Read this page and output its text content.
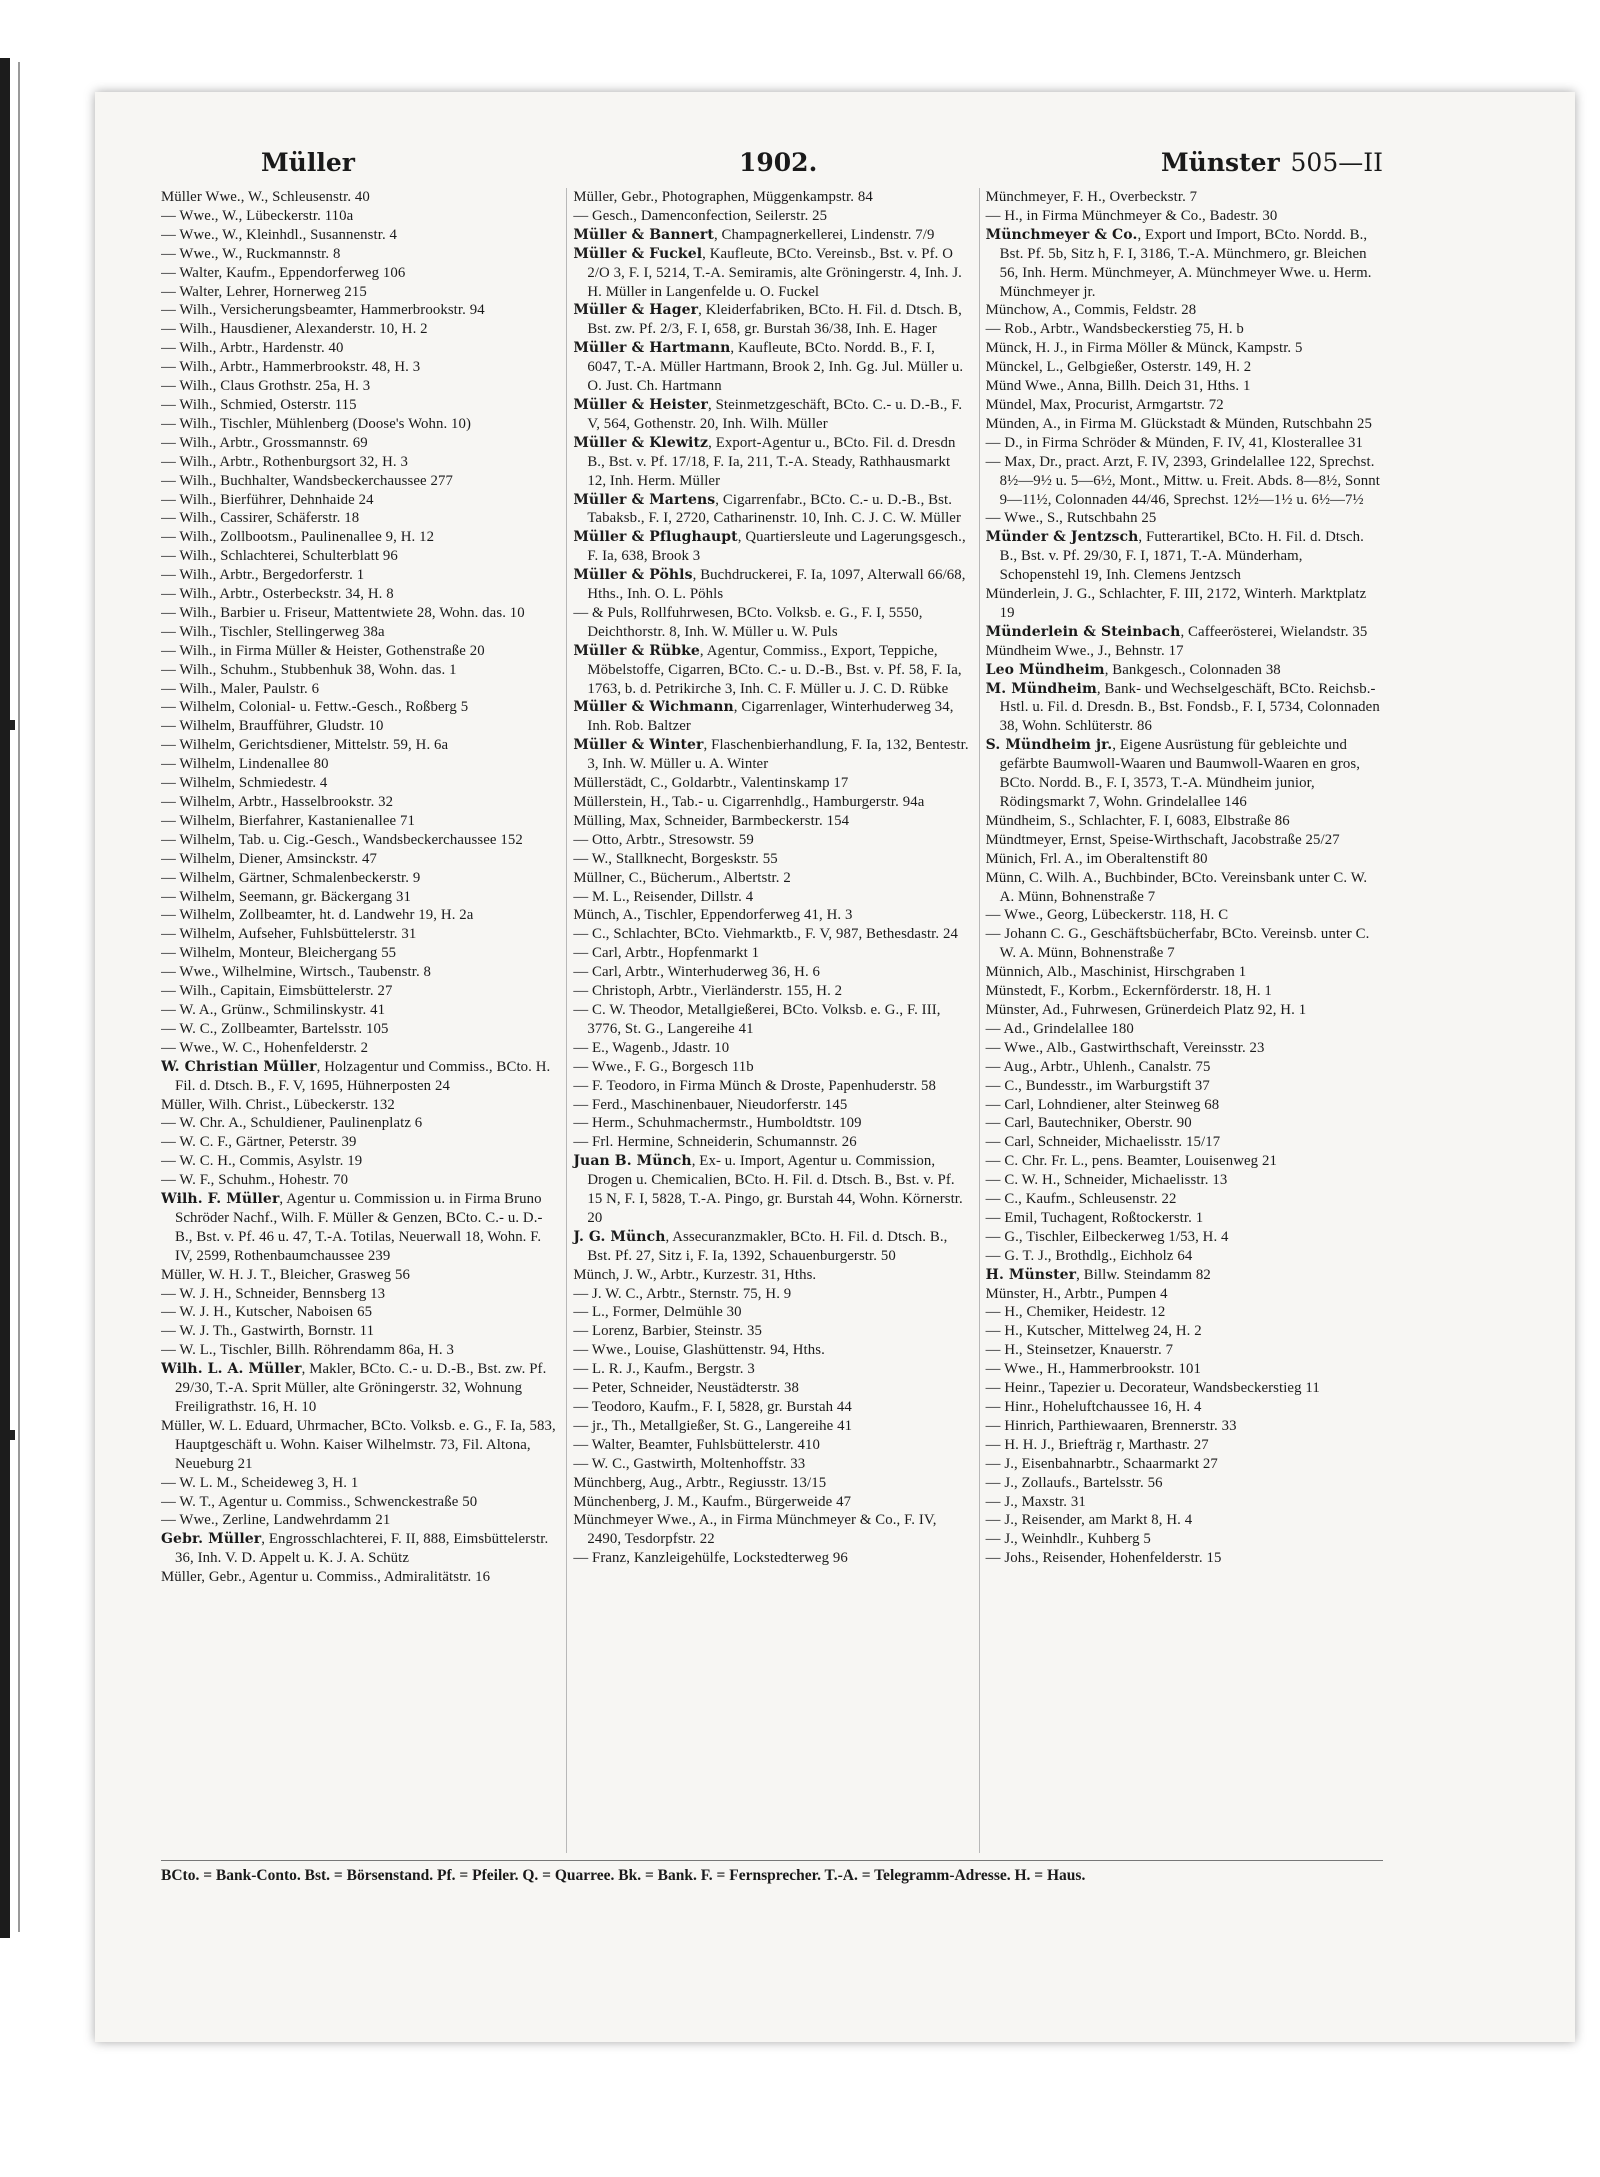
Müller	1902.	Münster 505—II

Müller Wwe., W., Schleusenstr. 40

— Wwe., W., Lübeckerstr. 110a

— Wwe., W., Kleinhdl., Susannenstr. 4

— Wwe., W., Ruckmannstr. 8

— Walter, Kaufm., Eppendorferweg 106

— Walter, Lehrer, Hornerweg 215

— Wilh., Versicherungsbeamter, Hammerbrookstr. 94

— Wilh., Hausdiener, Alexanderstr. 10, H. 2

— Wilh., Arbtr., Hardenstr. 40

— Wilh., Arbtr., Hammerbrookstr. 48, H. 3

— Wilh., Claus Grothstr. 25a, H. 3

— Wilh., Schmied, Osterstr. 115

— Wilh., Tischler, Mühlenberg (Doose's Wohn. 10)

— Wilh., Arbtr., Grossmannstr. 69

— Wilh., Arbtr., Rothenburgsort 32, H. 3

— Wilh., Buchhalter, Wandsbeckerchaussee 277

— Wilh., Bierführer, Dehnhaide 24

— Wilh., Cassirer, Schäferstr. 18

— Wilh., Zollbootsm., Paulinenallee 9, H. 12

— Wilh., Schlachterei, Schulterblatt 96

— Wilh., Arbtr., Bergedorferstr. 1

— Wilh., Arbtr., Osterbeckstr. 34, H. 8

— Wilh., Barbier u. Friseur, Mattentwiete 28, Wohn. das. 10

— Wilh., Tischler, Stellingerweg 38a

— Wilh., in Firma Müller & Heister, Gothenstraße 20

— Wilh., Schuhm., Stubbenhuk 38, Wohn. das. 1

— Wilh., Maler, Paulstr. 6

— Wilhelm, Colonial- u. Fettw.-Gesch., Roßberg 5

— Wilhelm, Braufführer, Gludstr. 10

— Wilhelm, Gerichtsdiener, Mittelstr. 59, H. 6a

— Wilhelm, Lindenallee 80

— Wilhelm, Schmiedestr. 4

— Wilhelm, Arbtr., Hasselbrookstr. 32

— Wilhelm, Bierfahrer, Kastanienallee 71

— Wilhelm, Tab. u. Cig.-Gesch., Wandsbeckerchaussee 152

— Wilhelm, Diener, Amsinckstr. 47

— Wilhelm, Gärtner, Schmalenbeckerstr. 9

— Wilhelm, Seemann, gr. Bäckergang 31

— Wilhelm, Zollbeamter, ht. d. Landwehr 19, H. 2a

— Wilhelm, Aufseher, Fuhlsbüttelerstr. 31

— Wilhelm, Monteur, Bleichergang 55

— Wwe., Wilhelmine, Wirtsch., Taubenstr. 8

— Wilh., Capitain, Eimsbüttelerstr. 27

— W. A., Grünw., Schmilinskystr. 41

— W. C., Zollbeamter, Bartelsstr. 105

— Wwe., W. C., Hohenfelderstr. 2

W. Christian Müller, Holzagentur und Commiss., BCto. H. Fil. d. Dtsch. B., F. V, 1695, Hühnerposten 24

Müller, Wilh. Christ., Lübeckerstr. 132

— W. Chr. A., Schuldiener, Paulinenplatz 6

— W. C. F., Gärtner, Peterstr. 39

— W. C. H., Commis, Asylstr. 19

— W. F., Schuhm., Hohestr. 70

Wilh. F. Müller, Agentur u. Commission u. in Firma Bruno Schröder Nachf., Wilh. F. Müller & Genzen, BCto. C.- u. D.-B., Bst. v. Pf. 46 u. 47, T.-A. Totilas, Neuerwall 18, Wohn. F. IV, 2599, Rothenbaumchaussee 239

Müller, W. H. J. T., Bleicher, Grasweg 56

— W. J. H., Schneider, Bennsberg 13

— W. J. H., Kutscher, Naboisen 65

— W. J. Th., Gastwirth, Bornstr. 11

— W. L., Tischler, Billh. Röhrendamm 86a, H. 3

Wilh. L. A. Müller, Makler, BCto. C.- u. D.-B., Bst. zw. Pf. 29/30, T.-A. Sprit Müller, alte Gröningerstr. 32, Wohnung Freiligrathstr. 16, H. 10

Müller, W. L. Eduard, Uhrmacher, BCto. Volksb. e. G., F. Ia, 583, Hauptgeschäft u. Wohn. Kaiser Wilhelmstr. 73, Fil. Altona, Neueburg 21

— W. L. M., Scheideweg 3, H. 1

— W. T., Agentur u. Commiss., Schwenckestraße 50

— Wwe., Zerline, Landwehrdamm 21

Gebr. Müller, Engrosschlachterei, F. II, 888, Eimsbüttelerstr. 36, Inh. V. D. Appelt u. K. J. A. Schütz

Müller, Gebr., Agentur u. Commiss., Admiralitätstr. 16

Müller, Gebr., Photographen, Müggenkampstr. 84

— Gesch., Damenconfection, Seilerstr. 25

Müller & Bannert, Champagnerkellerei, Lindenstr. 7/9

Müller & Fuckel, Kaufleute, BCto. Vereinsb., Bst. v. Pf. O 2/O 3, F. I, 5214, T.-A. Semiramis, alte Gröningerstr. 4, Inh. J. H. Müller in Langenfelde u. O. Fuckel

Müller & Hager, Kleiderfabriken, BCto. H. Fil. d. Dtsch. B, Bst. zw. Pf. 2/3, F. I, 658, gr. Burstah 36/38, Inh. E. Hager

Müller & Hartmann, Kaufleute, BCto. Nordd. B., F. I, 6047, T.-A. Müller Hartmann, Brook 2, Inh. Gg. Jul. Müller u. O. Just. Ch. Hartmann

Müller & Heister, Steinmetzgeschäft, BCto. C.- u. D.-B., F. V, 564, Gothenstr. 20, Inh. Wilh. Müller

Müller & Klewitz, Export-Agentur u., BCto. Fil. d. Dresdn B., Bst. v. Pf. 17/18, F. Ia, 211, T.-A. Steady, Rathhausmarkt 12, Inh. Herm. Müller

Müller & Martens, Cigarrenfabr., BCto. C.- u. D.-B., Bst. Tabaksb., F. I, 2720, Catharinenstr. 10, Inh. C. J. C. W. Müller

Müller & Pflughaupt, Quartiersleute und Lagerungsgesch., F. Ia, 638, Brook 3

Müller & Pöhls, Buchdruckerei, F. Ia, 1097, Alterwall 66/68, Hths., Inh. O. L. Pöhls

— & Puls, Rollfuhrwesen, BCto. Volksb. e. G., F. I, 5550, Deichthorstr. 8, Inh. W. Müller u. W. Puls

Müller & Rübke, Agentur, Commiss., Export, Teppiche, Möbelstoffe, Cigarren, BCto. C.- u. D.-B., Bst. v. Pf. 58, F. Ia, 1763, b. d. Petrikirche 3, Inh. C. F. Müller u. J. C. D. Rübke

Müller & Wichmann, Cigarrenlager, Winterhuderweg 34, Inh. Rob. Baltzer

Müller & Winter, Flaschenbierhandlung, F. Ia, 132, Bentestr. 3, Inh. W. Müller u. A. Winter

Müllerstädt, C., Goldarbtr., Valentinskamp 17

Müllerstein, H., Tab.- u. Cigarrenhdlg., Hamburgerstr. 94a

Mülling, Max, Schneider, Barmbeckerstr. 154

— Otto, Arbtr., Stresowstr. 59

— W., Stallknecht, Borgeskstr. 55

Müllner, C., Bücherum., Albertstr. 2

— M. L., Reisender, Dillstr. 4

Münch, A., Tischler, Eppendorferweg 41, H. 3

— C., Schlachter, BCto. Viehmarktb., F. V, 987, Bethesdastr. 24

— Carl, Arbtr., Hopfenmarkt 1

— Carl, Arbtr., Winterhuderweg 36, H. 6

— Christoph, Arbtr., Vierländerstr. 155, H. 2

— C. W. Theodor, Metallgießerei, BCto. Volksb. e. G., F. III, 3776, St. G., Langereihe 41

— E., Wagenb., Jdastr. 10

— Wwe., F. G., Borgesch 11b

— F. Teodoro, in Firma Münch & Droste, Papenhuderstr. 58

— Ferd., Maschinenbauer, Nieudorferstr. 145

— Herm., Schuhmachermstr., Humboldtstr. 109

— Frl. Hermine, Schneiderin, Schumannstr. 26

Juan B. Münch, Ex- u. Import, Agentur u. Commission, Drogen u. Chemicalien, BCto. H. Fil. d. Dtsch. B., Bst. v. Pf. 15 N, F. I, 5828, T.-A. Pingo, gr. Burstah 44, Wohn. Körnerstr. 20

J. G. Münch, Assecuranzmakler, BCto. H. Fil. d. Dtsch. B., Bst. Pf. 27, Sitz i, F. Ia, 1392, Schauenburgerstr. 50

Münch, J. W., Arbtr., Kurzestr. 31, Hths.

— J. W. C., Arbtr., Sternstr. 75, H. 9

— L., Former, Delmühle 30

— Lorenz, Barbier, Steinstr. 35

— Wwe., Louise, Glashüttenstr. 94, Hths.

— L. R. J., Kaufm., Bergstr. 3

— Peter, Schneider, Neustädterstr. 38

— Teodoro, Kaufm., F. I, 5828, gr. Burstah 44

— jr., Th., Metallgießer, St. G., Langereihe 41

— Walter, Beamter, Fuhlsbüttelerstr. 410

— W. C., Gastwirth, Moltenhoffstr. 33

Münchberg, Aug., Arbtr., Regiusstr. 13/15

Münchenberg, J. M., Kaufm., Bürgerweide 47

Münchmeyer Wwe., A., in Firma Münchmeyer & Co., F. IV, 2490, Tesdorpfstr. 22

— Franz, Kanzleigehülfe, Lockstedterweg 96

Münchmeyer, F. H., Overbeckstr. 7

— H., in Firma Münchmeyer & Co., Badestr. 30

Münchmeyer & Co., Export und Import, BCto. Nordd. B., Bst. Pf. 5b, Sitz h, F. I, 3186, T.-A. Münchmero, gr. Bleichen 56, Inh. Herm. Münchmeyer, A. Münchmeyer Wwe. u. Herm. Münchmeyer jr.

Münchow, A., Commis, Feldstr. 28

— Rob., Arbtr., Wandsbeckerstieg 75, H. b

Münck, H. J., in Firma Möller & Münck, Kampstr. 5

Münckel, L., Gelbgießer, Osterstr. 149, H. 2

Münd Wwe., Anna, Billh. Deich 31, Hths. 1

Mündel, Max, Procurist, Armgartstr. 72

Münden, A., in Firma M. Glückstadt & Münden, Rutschbahn 25

— D., in Firma Schröder & Münden, F. IV, 41, Klosterallee 31

— Max, Dr., pract. Arzt, F. IV, 2393, Grindelallee 122, Sprechst. 8½—9½ u. 5—6½, Mont., Mittw. u. Freit. Abds. 8—8½, Sonnt 9—11½, Colonnaden 44/46, Sprechst. 12½—1½ u. 6½—7½

— Wwe., S., Rutschbahn 25

Münder & Jentzsch, Futterartikel, BCto. H. Fil. d. Dtsch. B., Bst. v. Pf. 29/30, F. I, 1871, T.-A. Münderham, Schopenstehl 19, Inh. Clemens Jentzsch

Münderlein, J. G., Schlachter, F. III, 2172, Winterh. Marktplatz 19

Münderlein & Steinbach, Caffeerösterei, Wielandstr. 35

Mündheim Wwe., J., Behnstr. 17

Leo Mündheim, Bankgesch., Colonnaden 38

M. Mündheim, Bank- und Wechselgeschäft, BCto. Reichsb.-Hstl. u. Fil. d. Dresdn. B., Bst. Fondsb., F. I, 5734, Colonnaden 38, Wohn. Schlüterstr. 86

S. Mündheim jr., Eigene Ausrüstung für gebleichte und gefärbte Baumwoll-Waaren und Baumwoll-Waaren en gros, BCto. Nordd. B., F. I, 3573, T.-A. Mündheim junior, Rödingsmarkt 7, Wohn. Grindelallee 146

Mündheim, S., Schlachter, F. I, 6083, Elbstraße 86

Mündtmeyer, Ernst, Speise-Wirthschaft, Jacobstraße 25/27

Münich, Frl. A., im Oberaltenstift 80

Münn, C. Wilh. A., Buchbinder, BCto. Vereinsbank unter C. W. A. Münn, Bohnenstraße 7

— Wwe., Georg, Lübeckerstr. 118, H. C

— Johann C. G., Geschäftsbücherfabr, BCto. Vereinsb. unter C. W. A. Münn, Bohnenstraße 7

Münnich, Alb., Maschinist, Hirschgraben 1

Münstedt, F., Korbm., Eckernförderstr. 18, H. 1

Münster, Ad., Fuhrwesen, Grünerdeich Platz 92, H. 1

— Ad., Grindelallee 180

— Wwe., Alb., Gastwirthschaft, Vereinsstr. 23

— Aug., Arbtr., Uhlenh., Canalstr. 75

— C., Bundesstr., im Warburgstift 37

— Carl, Lohndiener, alter Steinweg 68

— Carl, Bautechniker, Oberstr. 90

— Carl, Schneider, Michaelisstr. 15/17

— C. Chr. Fr. L., pens. Beamter, Louisenweg 21

— C. W. H., Schneider, Michaelisstr. 13

— C., Kaufm., Schleusenstr. 22

— Emil, Tuchagent, Roßtockerstr. 1

— G., Tischler, Eilbeckerweg 1/53, H. 4

— G. T. J., Brothdlg., Eichholz 64

H. Münster, Billw. Steindamm 82

Münster, H., Arbtr., Pumpen 4

— H., Chemiker, Heidestr. 12

— H., Kutscher, Mittelweg 24, H. 2

— H., Steinsetzer, Knauerstr. 7

— Wwe., H., Hammerbrookstr. 101

— Heinr., Tapezier u. Decorateur, Wandsbeckerstieg 11

— Hinr., Hoheluftchaussee 16, H. 4

— Hinrich, Parthiewaaren, Brennerstr. 33

— H. H. J., Briefträg r, Marthastr. 27

— J., Eisenbahnarbtr., Schaarmarkt 27

— J., Zollaufs., Bartelsstr. 56

— J., Maxstr. 31

— J., Reisender, am Markt 8, H. 4

— J., Weinhdlr., Kuhberg 5

— Johs., Reisender, Hohenfelderstr. 15

BCto. = Bank-Conto. Bst. = Börsenstand. Pf. = Pfeiler. Q. = Quarree. Bk. = Bank. F. = Fernsprecher. T.-A. = Telegramm-Adresse. H. = Haus.
